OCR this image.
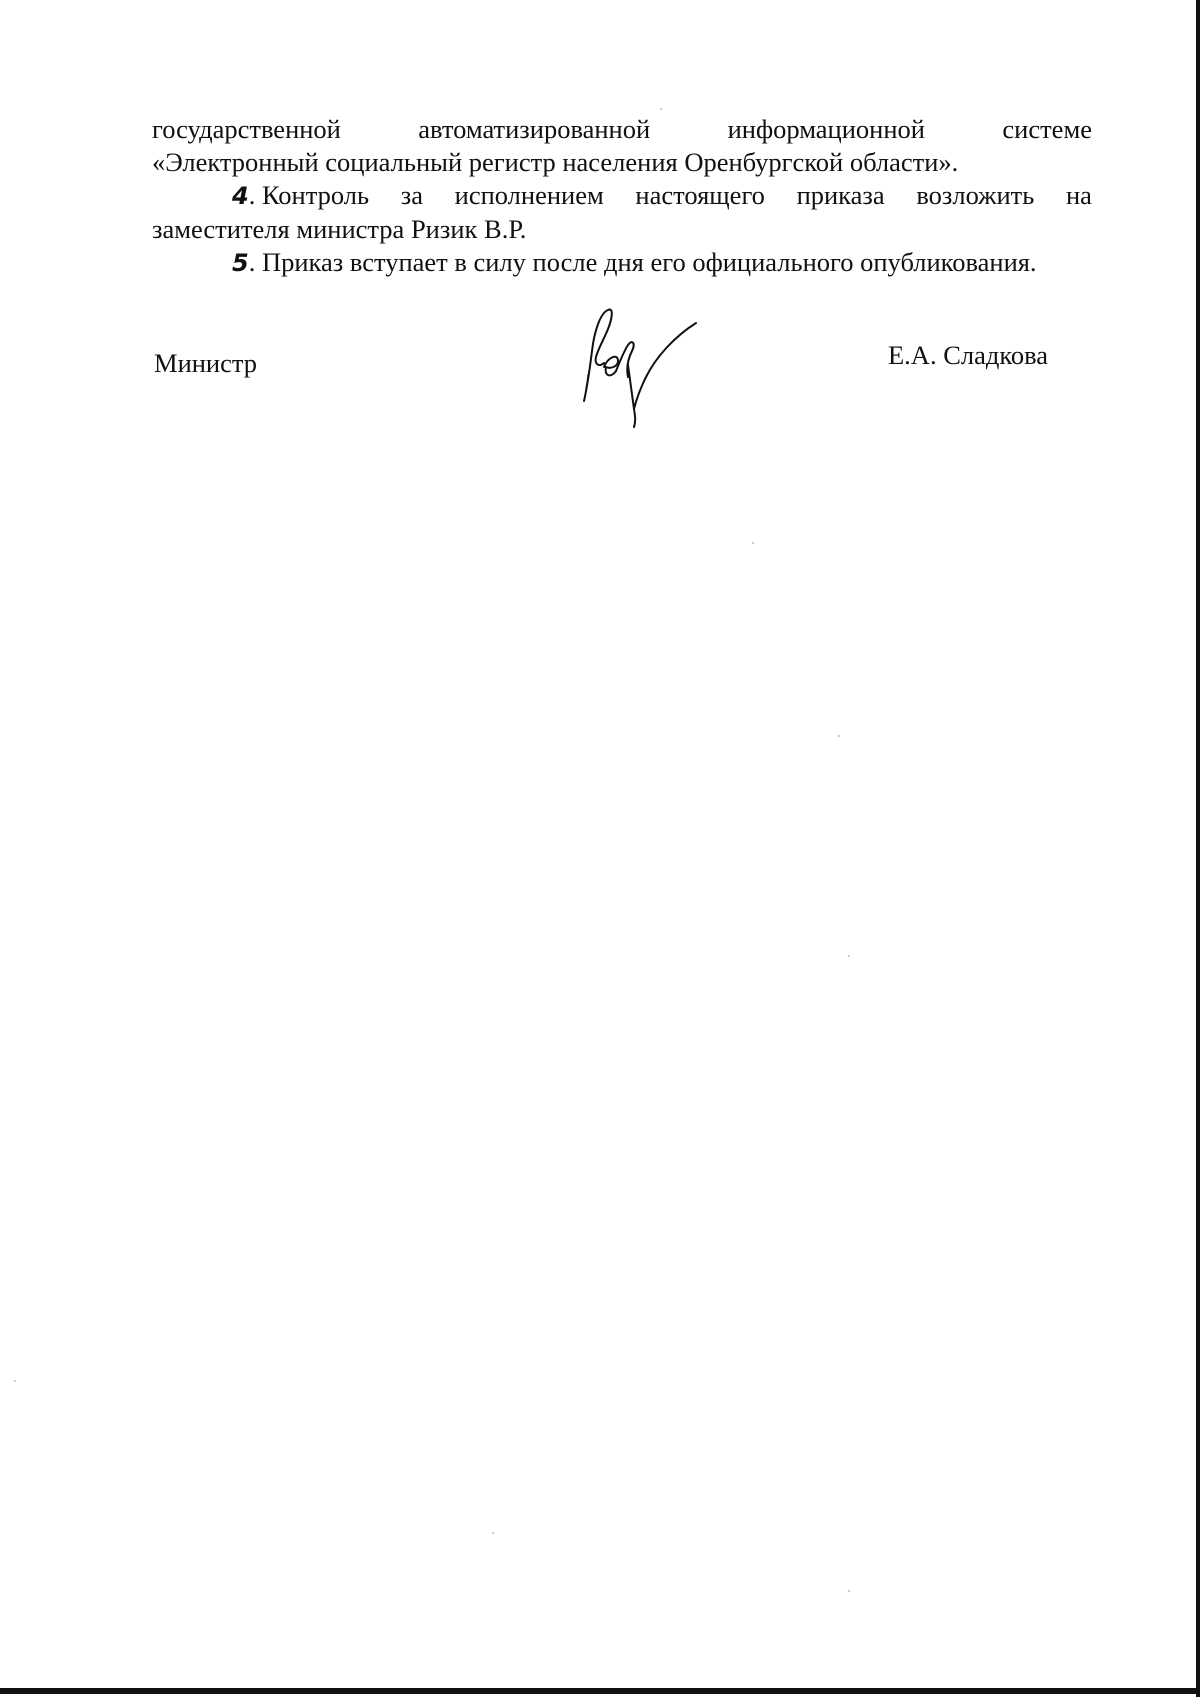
государственной	автоматизированной	информационной	системе
«Электронный социальный регистр населения Оренбургской области».
4. Контроль за исполнением настоящего приказа возложить на
заместителя министра Ризик В.Р.
5. Приказ вступает в силу после дня его официального опубликования.
Министр	Е.А. Сладкова
